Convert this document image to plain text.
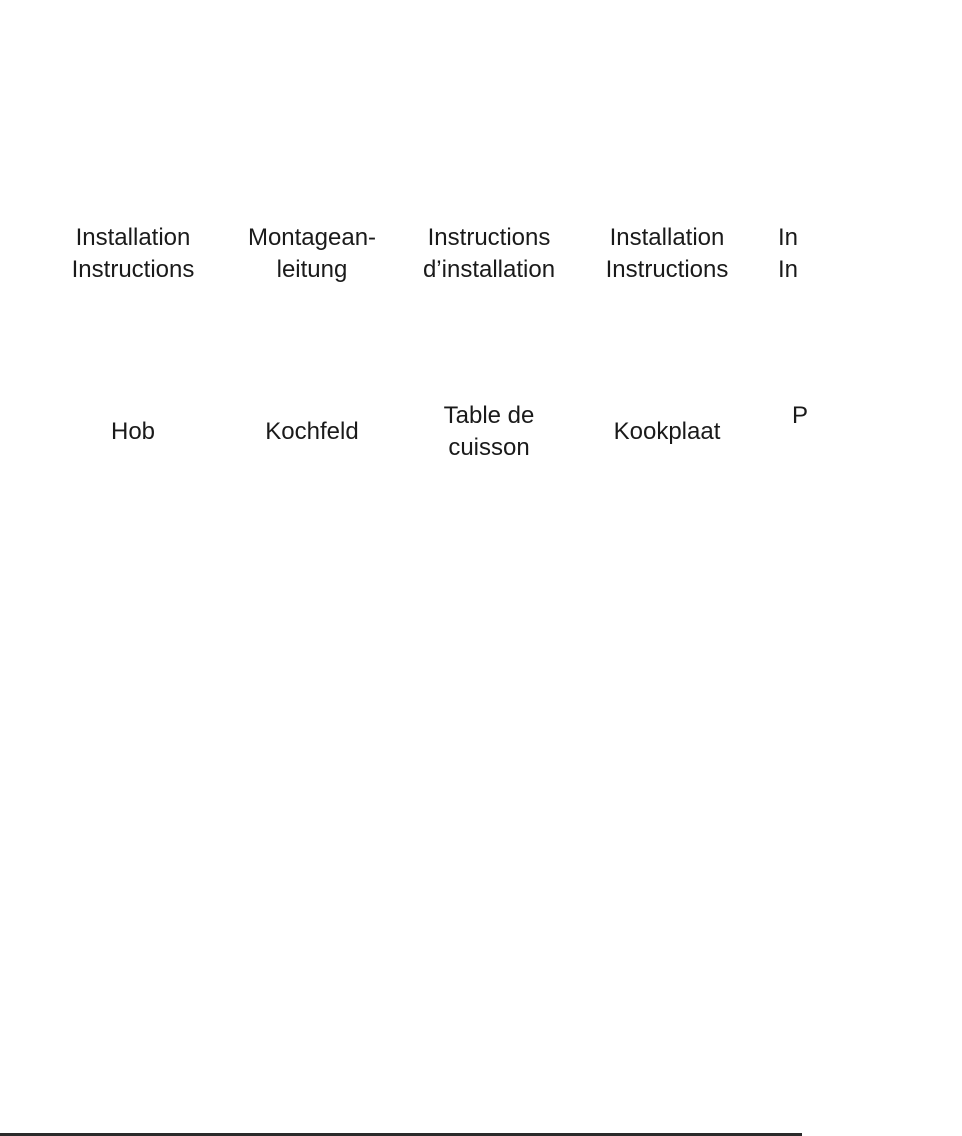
Installation
Instructions
Montagean-
leitung
Instructions
d’installation
Installation
Instructions
In
In
Hob	Kochfeld
Table de
cuisson
Kookplaat
P
